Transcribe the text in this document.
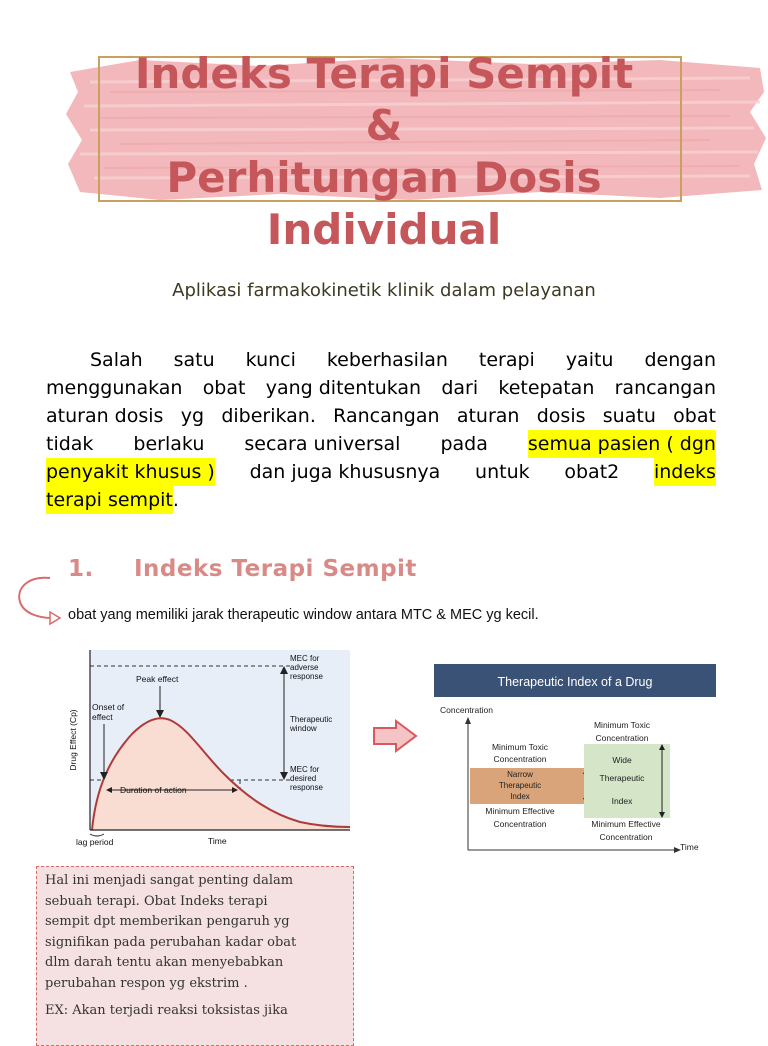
Indeks Terapi Sempit
&
Perhitungan Dosis
Individual
Aplikasi farmakokinetik klinik dalam pelayanan
Salah satu kunci keberhasilan terapi yaitu dengan
menggunakan obat yang ditentukan dari ketepatan rancangan
aturan dosis yg diberikan. Rancangan aturan dosis suatu obat
tidak berlaku secara universal pada semua pasien ( dgn
penyakit khusus ) dan juga khususnya untuk obat2 indeks
terapi sempit .
1. Indeks Terapi Sempit
obat yang memiliki jarak therapeutic window antara MTC & MEC yg kecil.
Drug Effect (Cp)
Peak effect
Onset of
effect
Duration of action
lag period	Time
MEC for
adverse
response
Therapeutic
window
MEC for
desired
response
Therapeutic Index of a Drug
Concentration
Time
Minimum Toxic
Concentration
Narrow
Therapeutic
Index
Minimum Effective
Concentration
Minimum Toxic
Concentration
Wide
Therapeutic
Index
Minimum Effective
Concentration
Hal ini menjadi sangat penting dalam
sebuah terapi. Obat Indeks terapi
sempit dpt memberikan pengaruh yg
signifikan pada perubahan kadar obat
dlm darah tentu akan menyebabkan
perubahan respon yg ekstrim .
EX: Akan terjadi reaksi toksistas jika
